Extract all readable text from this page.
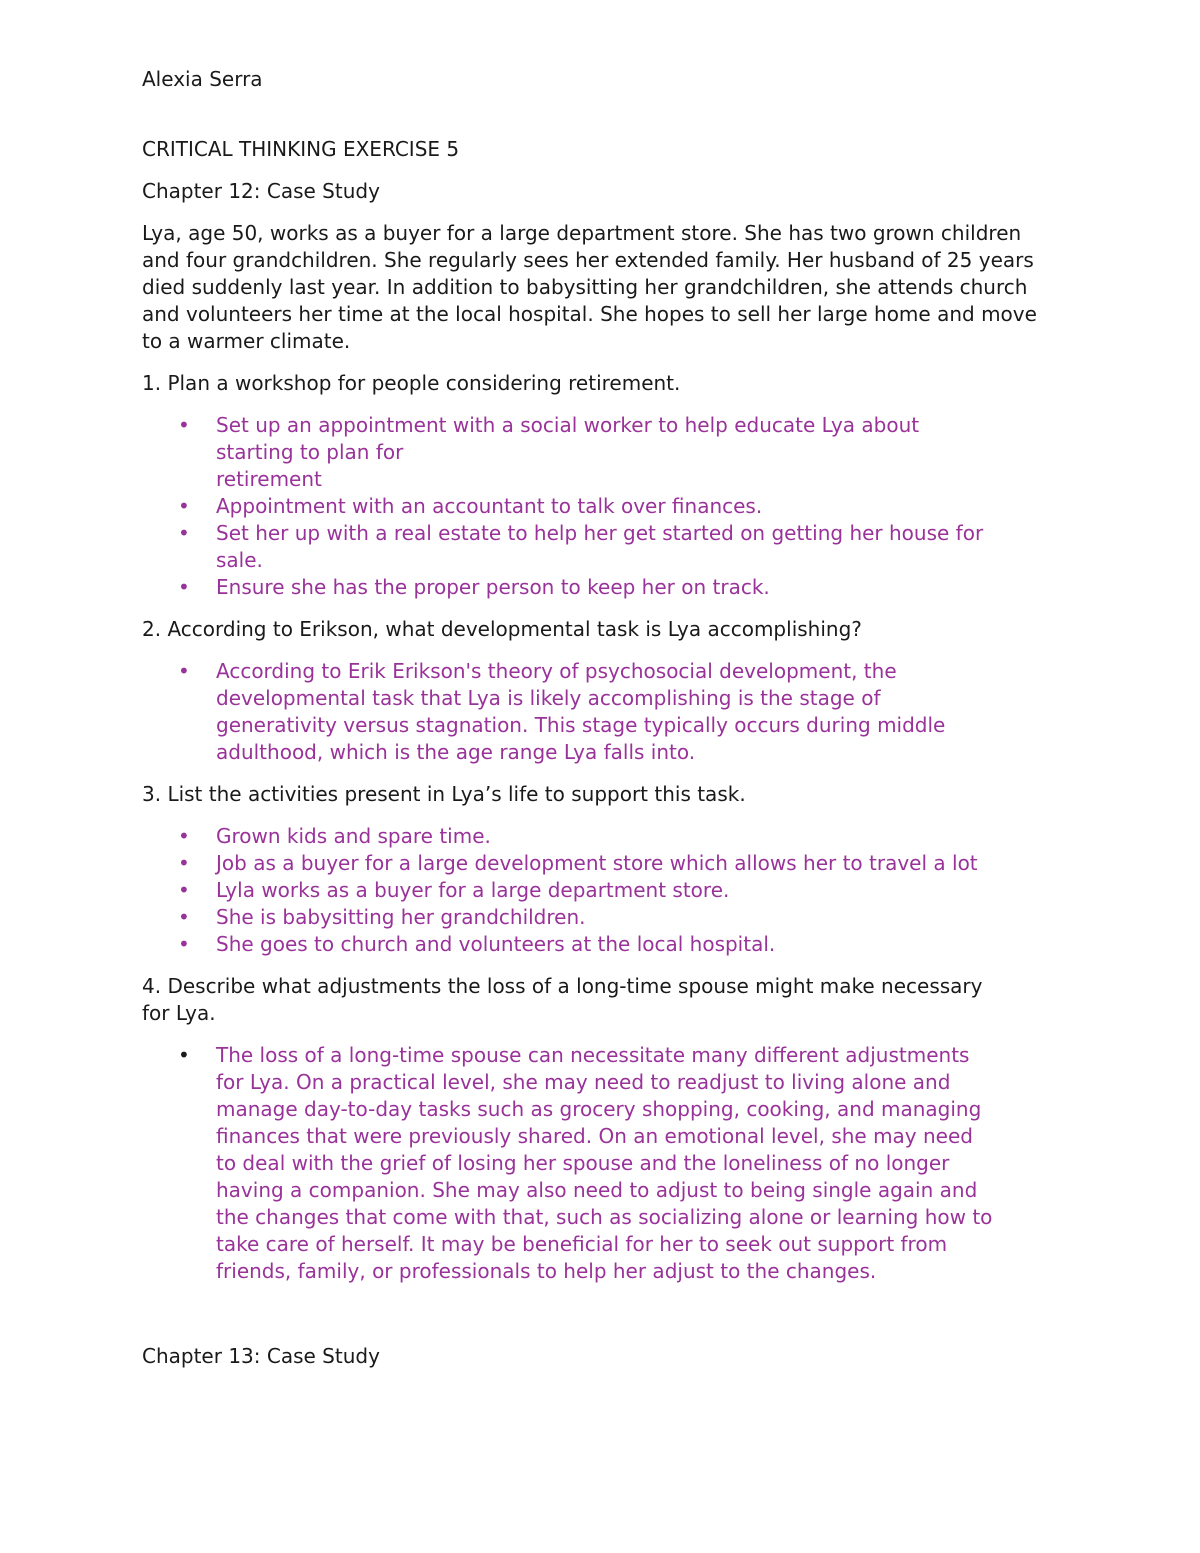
Alexia Serra

CRITICAL THINKING EXERCISE 5

Chapter 12: Case Study

Lya, age 50, works as a buyer for a large department store. She has two grown children and four grandchildren. She regularly sees her extended family. Her husband of 25 years died suddenly last year. In addition to babysitting her grandchildren, she attends church and volunteers her time at the local hospital. She hopes to sell her large home and move to a warmer climate.

1. Plan a workshop for people considering retirement.

• Set up an appointment with a social worker to help educate Lya about
starting to plan for
retirement
• Appointment with an accountant to talk over finances.
• Set her up with a real estate to help her get started on getting her house for
sale.
• Ensure she has the proper person to keep her on track.

2. According to Erikson, what developmental task is Lya accomplishing?

• According to Erik Erikson's theory of psychosocial development, the
developmental task that Lya is likely accomplishing is the stage of
generativity versus stagnation. This stage typically occurs during middle
adulthood, which is the age range Lya falls into.

3. List the activities present in Lya’s life to support this task.

• Grown kids and spare time.
• Job as a buyer for a large development store which allows her to travel a lot
• Lyla works as a buyer for a large department store.
• She is babysitting her grandchildren.
• She goes to church and volunteers at the local hospital.

4. Describe what adjustments the loss of a long-time spouse might make necessary
for Lya.

• The loss of a long-time spouse can necessitate many different adjustments
for Lya. On a practical level, she may need to readjust to living alone and
manage day-to-day tasks such as grocery shopping, cooking, and managing
finances that were previously shared. On an emotional level, she may need
to deal with the grief of losing her spouse and the loneliness of no longer
having a companion. She may also need to adjust to being single again and
the changes that come with that, such as socializing alone or learning how to
take care of herself. It may be beneficial for her to seek out support from
friends, family, or professionals to help her adjust to the changes.

Chapter 13: Case Study
